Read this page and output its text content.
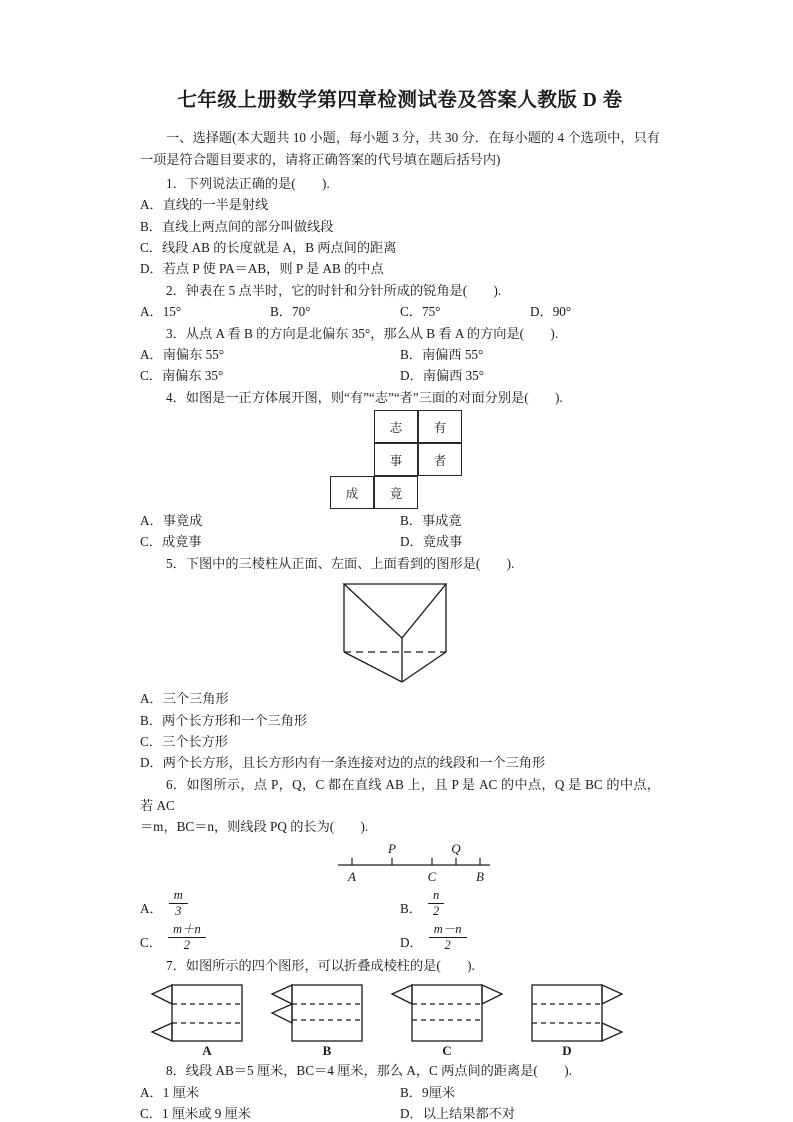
七年级上册数学第四章检测试卷及答案人教版 D 卷

一、选择题(本大题共 10 小题，每小题 3 分，共 30 分．在每小题的 4 个选项中，只有一项是符合题目要求的，请将正确答案的代号填在题后括号内)

1．下列说法正确的是(　　).

A．直线的一半是射线

B．直线上两点间的部分叫做线段

C．线段 AB 的长度就是 A，B 两点间的距离

D．若点 P 使 PA＝AB，则 P 是 AB 的中点

2．钟表在 5 点半时，它的时针和分针所成的锐角是(　　).

A．15°	B．70°	C．75°	D．90°

3．从点 A 看 B 的方向是北偏东 35°，那么从 B 看 A 的方向是(　　).

A．南偏东 55°	B．南偏西 55°
C．南偏东 35°	D．南偏西 35°

4．如图是一正方体展开图，则“有”“志”“者”三面的对面分别是(　　).

志	有
事	者
成	竟
A．事竟成	B．事成竟
C．成竟事	D．竟成事

5．下图中的三棱柱从正面、左面、上面看到的图形是(　　).

A．三个三角形

B．两个长方形和一个三角形

C．三个长方形

D．两个长方形，且长方形内有一条连接对边的点的线段和一个三角形

6．如图所示，点 P，Q，C 都在直线 AB 上，且 P 是 AC 的中点，Q 是 BC 的中点，若 AC

＝m，BC＝n，则线段 PQ 的长为(　　).

P	Q
A	C	B
A． $\frac{m}{3}$	B． $\frac{n}{2}$
C． $\frac{m+n}{2}$	D． $\frac{m-n}{2}$

7．如图所示的四个图形，可以折叠成棱柱的是(　　).

A	B	C	D

8．线段 AB＝5 厘米，BC＝4 厘米，那么 A，C 两点间的距离是(　　).

A．1 厘米	B．9厘米
C．1 厘米或 9 厘米	D．以上结果都不对
